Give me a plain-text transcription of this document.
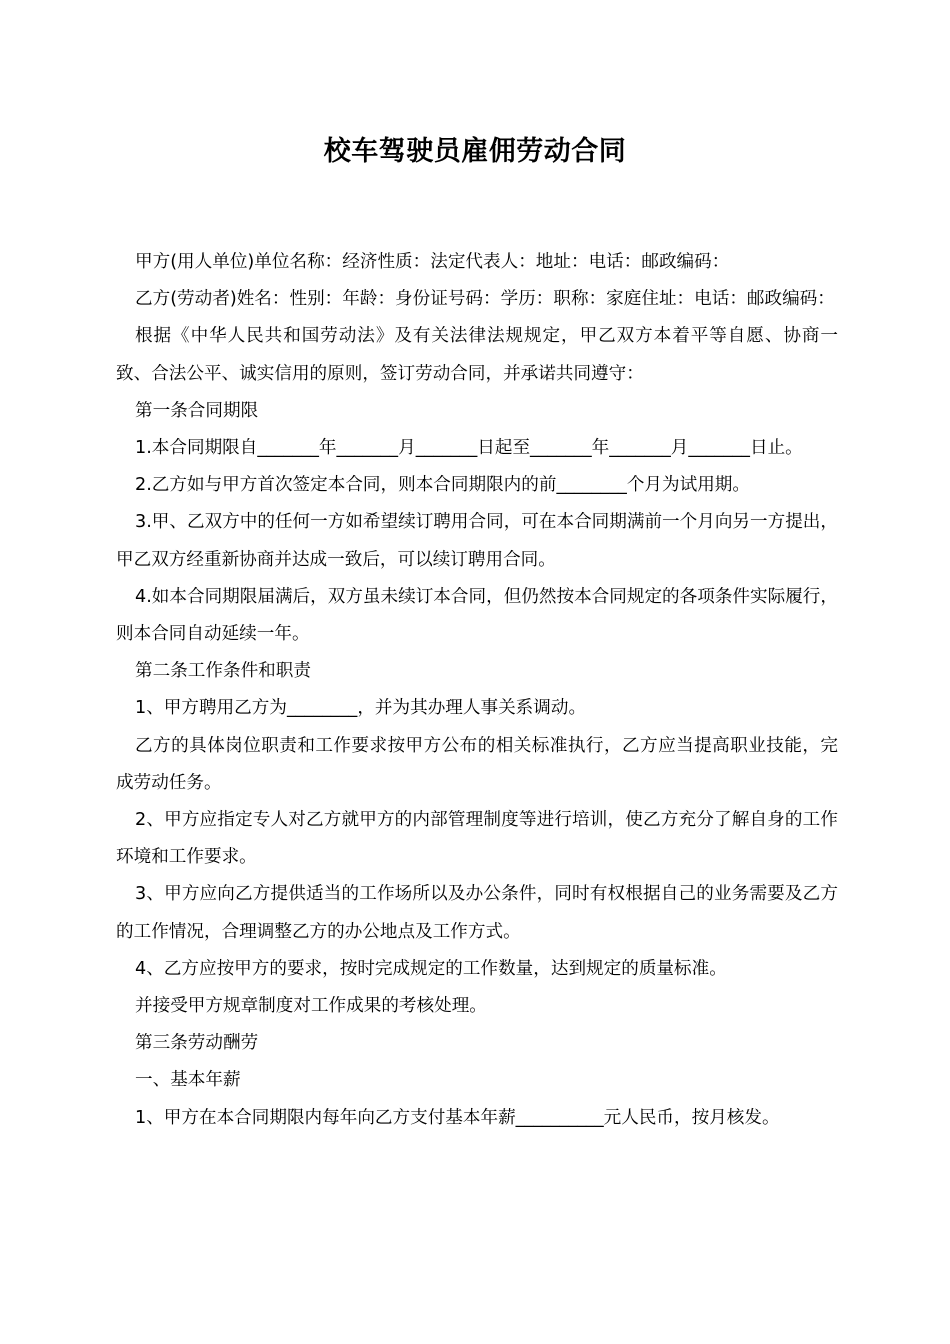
校车驾驶员雇佣劳动合同

甲方(用人单位)单位名称：经济性质：法定代表人：地址：电话：邮政编码：

乙方(劳动者)姓名：性别：年龄：身份证号码：学历：职称：家庭住址：电话：邮政编码：

根据《中华人民共和国劳动法》及有关法律法规规定，甲乙双方本着平等自愿、协商一致、合法公平、诚实信用的原则，签订劳动合同，并承诺共同遵守：

第一条合同期限

1.本合同期限自_______年_______月_______日起至_______年_______月_______日止。

2.乙方如与甲方首次签定本合同，则本合同期限内的前________个月为试用期。

3.甲、乙双方中的任何一方如希望续订聘用合同，可在本合同期满前一个月向另一方提出，甲乙双方经重新协商并达成一致后，可以续订聘用合同。

4.如本合同期限届满后，双方虽未续订本合同，但仍然按本合同规定的各项条件实际履行，则本合同自动延续一年。

第二条工作条件和职责

1、甲方聘用乙方为________，并为其办理人事关系调动。

乙方的具体岗位职责和工作要求按甲方公布的相关标准执行，乙方应当提高职业技能，完成劳动任务。

2、甲方应指定专人对乙方就甲方的内部管理制度等进行培训，使乙方充分了解自身的工作环境和工作要求。

3、甲方应向乙方提供适当的工作场所以及办公条件，同时有权根据自己的业务需要及乙方的工作情况，合理调整乙方的办公地点及工作方式。

4、乙方应按甲方的要求，按时完成规定的工作数量，达到规定的质量标准。

并接受甲方规章制度对工作成果的考核处理。

第三条劳动酬劳

一、基本年薪

1、甲方在本合同期限内每年向乙方支付基本年薪__________元人民币，按月核发。
